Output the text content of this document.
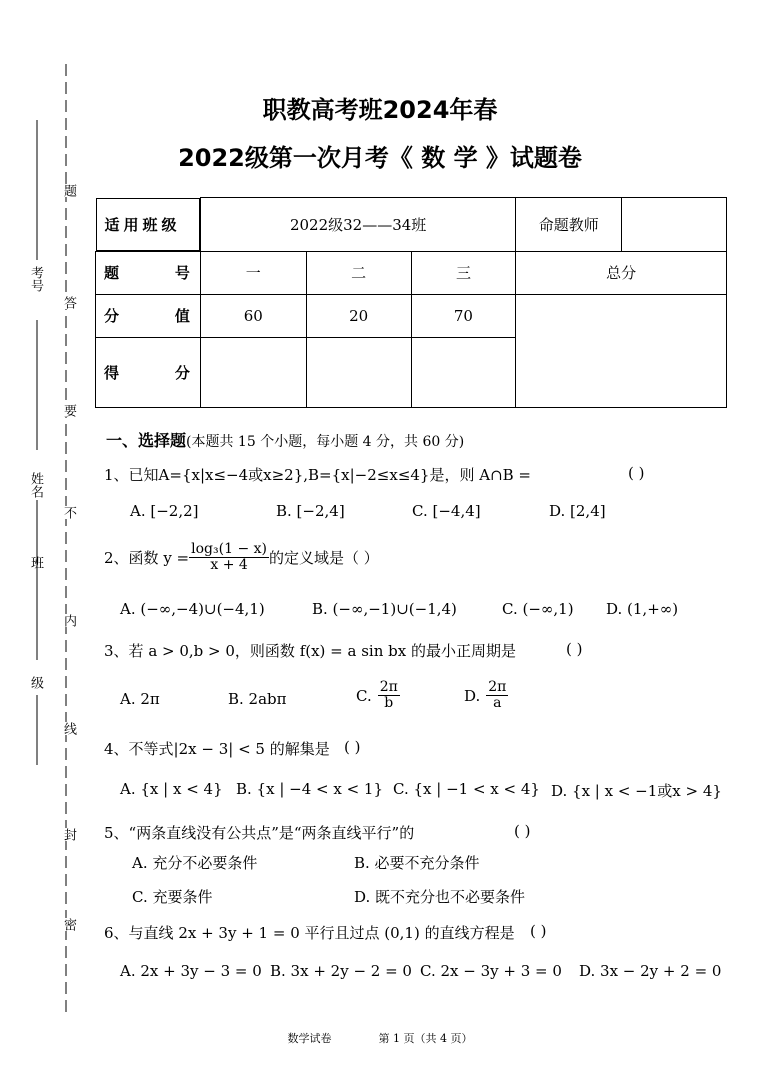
考号
姓名
班
级
题
答
要
不
内
线
封
密
职教高考班2024年春
2022级第一次月考《 数 学 》试题卷
适用班级	2022级32——34班			命题教师	

题 号	一	二	三	总分	

分 值	60	20	70		

得 分					

一、选择题(本题共 15 个小题，每小题 4 分，共 60 分)
1、已知A={x|x≤−4或x≥2},B={x|−2≤x≤4}是，则 A∩B =	( )
A. [−2,2]	B. [−2,4]	C. [−4,4]	D. [2,4]
2、 函数 $y = \frac{\text{log₃(1 − x)}}{x + 4}$ 的定义域是（ ）
A. (−∞,−4)∪(−4,1)	B. (−∞,−1)∪(−1,4)	C. (−∞,1) D. (1,+∞)
3、若 a > 0,b > 0，则函数 f(x) = a sin bx 的最小正周期是	( )
A. 2π	B. 2abπ	C. $\frac{2\pi}{b}$	D. $\frac{2\pi}{a}$
4、不等式|2x − 3| < 5 的解集是 ( )
A. {x | x < 4} B. {x | −4 < x < 1} C. {x | −1 < x < 4} D. {x | x < −1或x > 4}
5、“两条直线没有公共点”是“两条直线平行”的	( )
A. 充分不必要条件	B. 必要不充分条件
C. 充要条件	D. 既不充分也不必要条件
6、与直线 2x + 3y + 1 = 0 平行且过点 (0,1) 的直线方程是 ( )
A. 2x + 3y − 3 = 0 B. 3x + 2y − 2 = 0 C. 2x − 3y + 3 = 0 D. 3x − 2y + 2 = 0
数学试卷	第 1 页（共 4 页）
